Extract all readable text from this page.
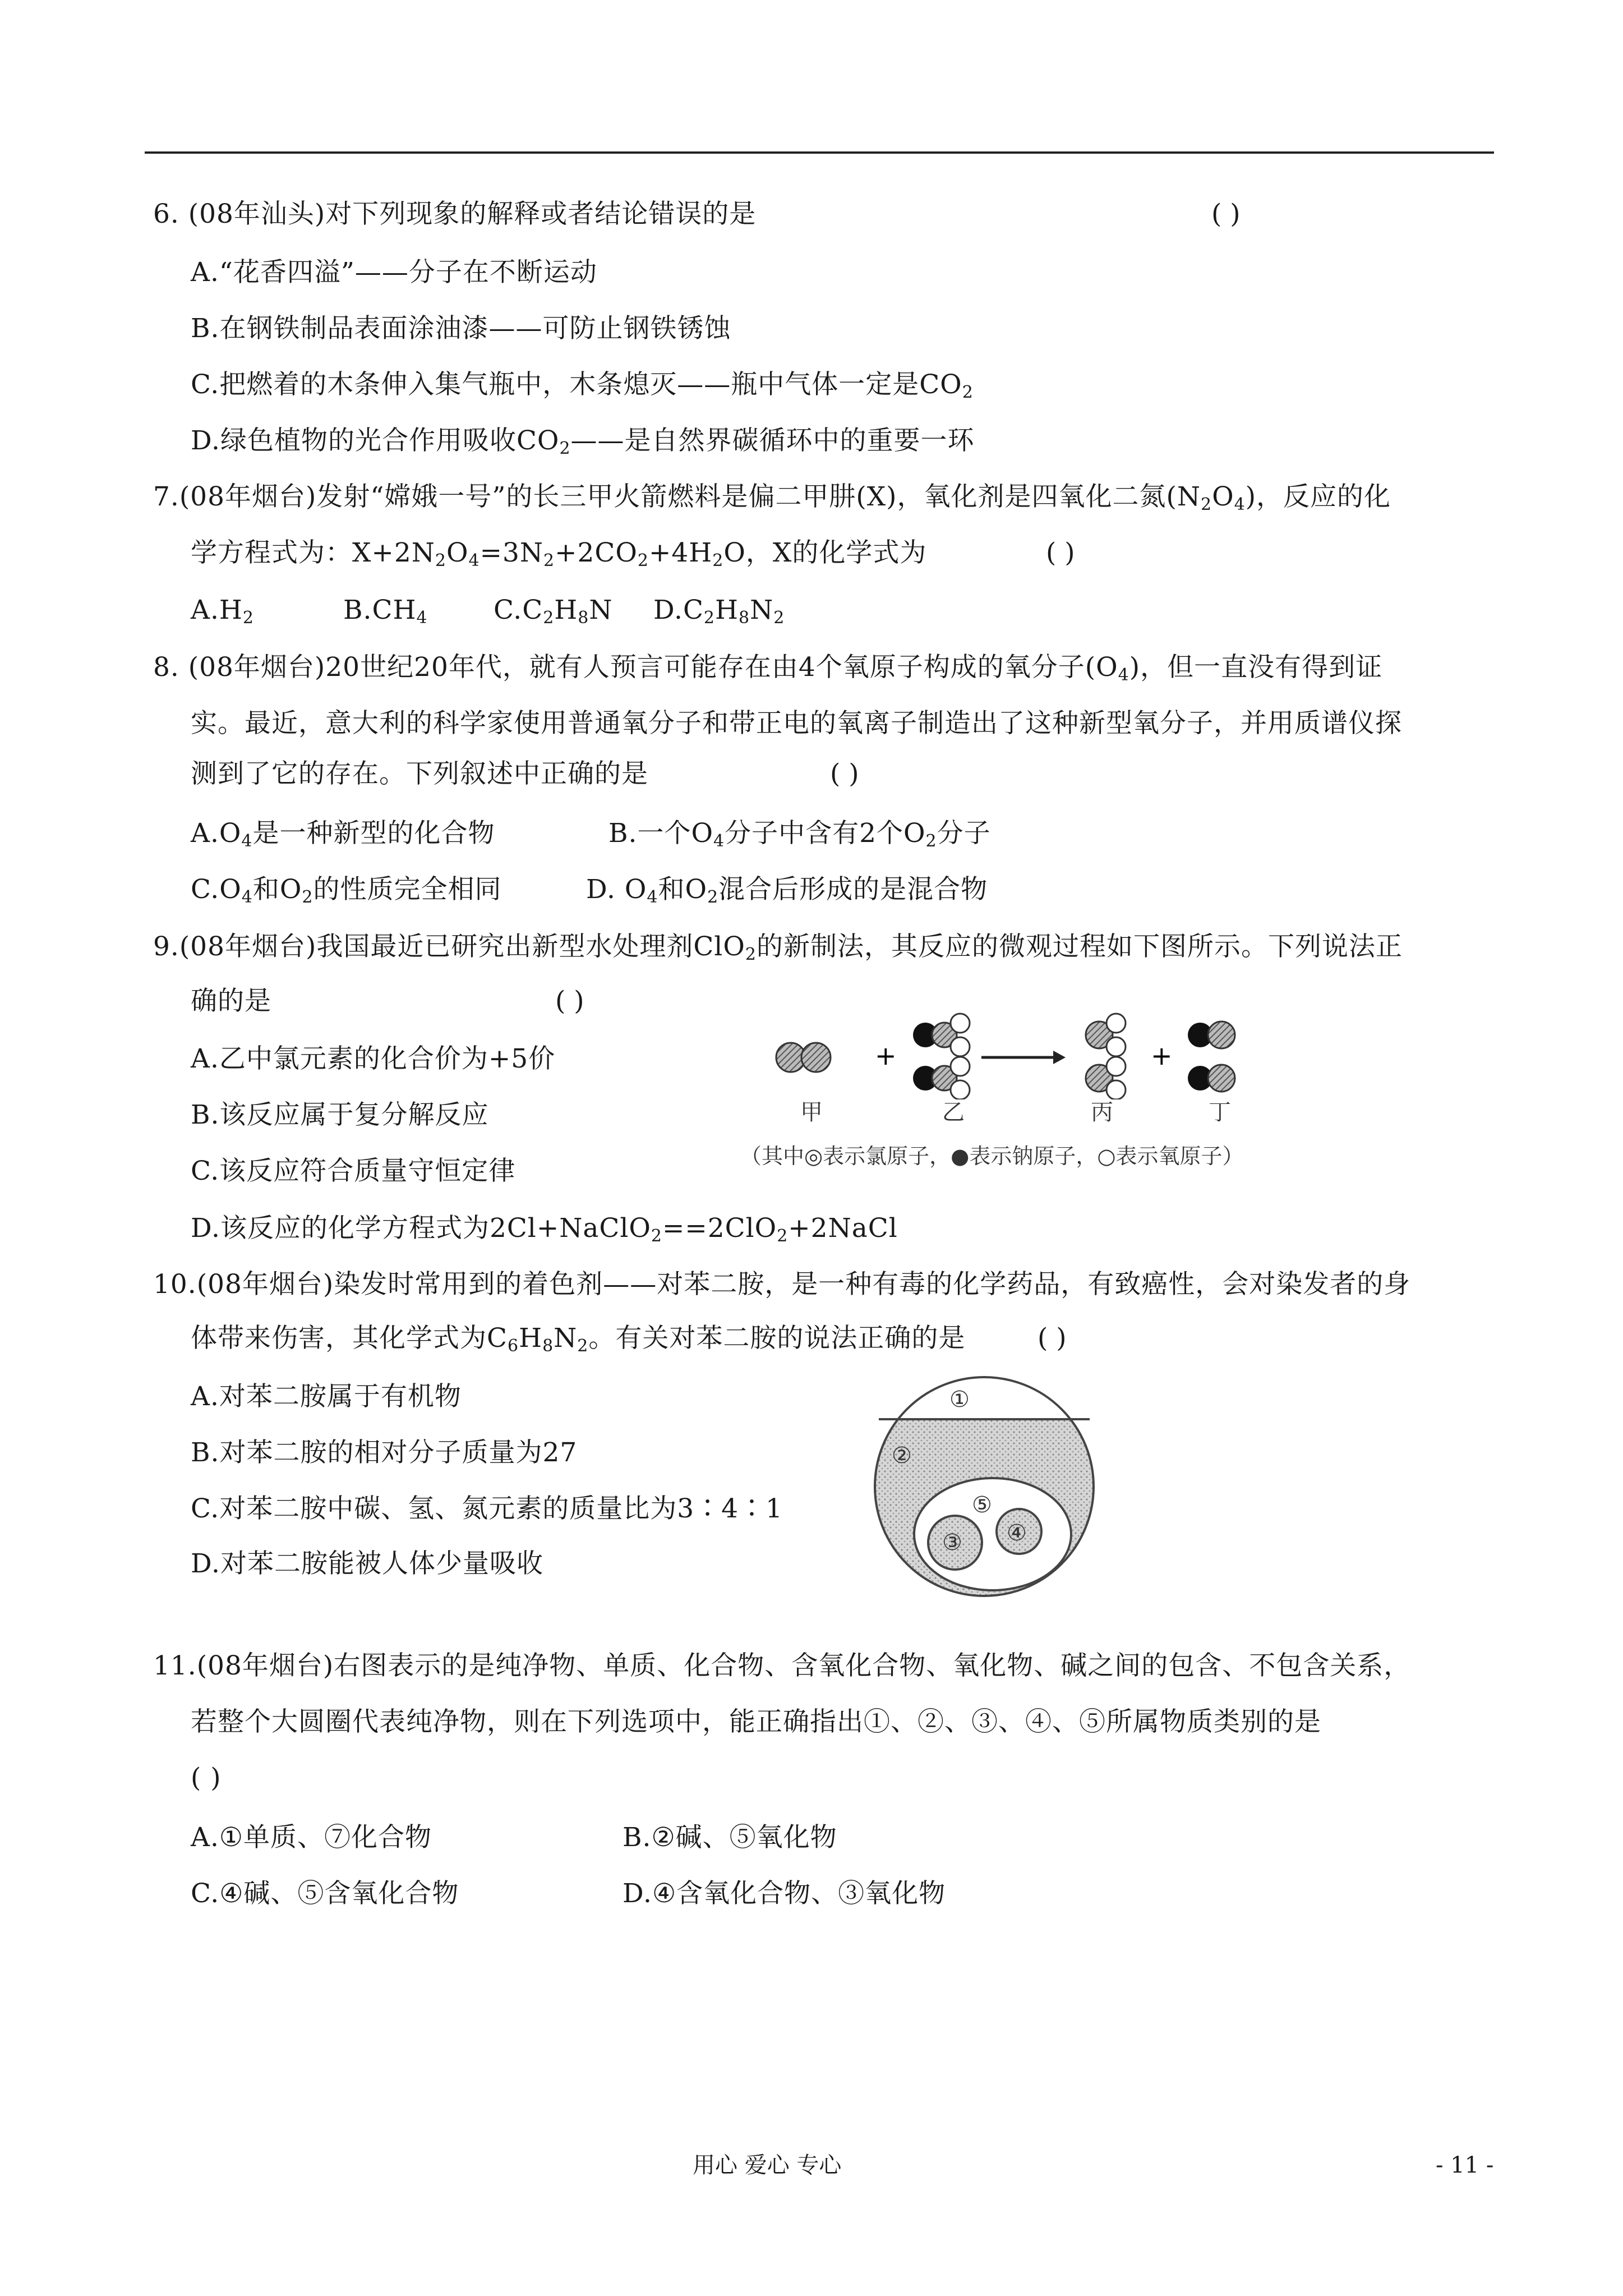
6. (08年汕头)对下列现象的解释或者结论错误的是	( )
A.“花香四溢”——分子在不断运动
B.在钢铁制品表面涂油漆——可防止钢铁锈蚀
C.把燃着的木条伸入集气瓶中，木条熄灭——瓶中气体一定是$CO_2$
D.绿色植物的光合作用吸收$CO_2——$是自然界碳循环中的重要一环
7.(08年烟台)发射“嫦娥一号”的长三甲火箭燃料是偏二甲肼(X)，氧化剂是四氧化二氮$(N_2O_4)$，反应的化
学方程式为：$X+2N_2O_4=3N_2+2CO_2+4H_2O$，X的化学式为	( )
$A.H_2$	$B.CH_4$ $C.C_2H_8N$ $D.C_2H_8N_2$
8. (08年烟台)20世纪20年代，就有人预言可能存在由4个氧原子构成的氧分子$(O_4)$，但一直没有得到证
实。最近，意大利的科学家使用普通氧分子和带正电的氧离子制造出了这种新型氧分子，并用质谱仪探
测到了它的存在。下列叙述中正确的是	( )
$A.O_4$是一种新型的化合物	B.一个$O_4$分子中含有2个$O_2$分子
$C.O_4$和$O_2$的性质完全相同	D. $O_4$和$O_2$混合后形成的是混合物
9.(08年烟台)我国最近已研究出新型水处理剂ClO$_2$的新制法，其反应的微观过程如下图所示。下列说法正
确的是	( )
A.乙中氯元素的化合价为+5价
B.该反应属于复分解反应
C.该反应符合质量守恒定律
D.该反应的化学方程式为2Cl+NaClO$_2$==2ClO$_2$+2NaCl
+	+
甲	乙	丙	丁
（其中◎表示氯原子，●表示钠原子，○表示氧原子）
10.(08年烟台)染发时常用到的着色剂——对苯二胺，是一种有毒的化学药品，有致癌性，会对染发者的身
体带来伤害，其化学式为$C_6H_8N_2$。有关对苯二胺的说法正确的是	( )
A.对苯二胺属于有机物
B.对苯二胺的相对分子质量为27
C.对苯二胺中碳、氢、氮元素的质量比为3∶4∶1
D.对苯二胺能被人体少量吸收
①
②
③ ④
⑤
11.(08年烟台)右图表示的是纯净物、单质、化合物、含氧化合物、氧化物、碱之间的包含、不包含关系，
若整个大圆圈代表纯净物，则在下列选项中，能正确指出①、②、③、④、⑤所属物质类别的是
( )
A.①单质、⑦化合物	B.②碱、⑤氧化物
C.④碱、⑤含氧化合物	D.④含氧化合物、③氧化物
用心 爱心 专心	- 11 -
